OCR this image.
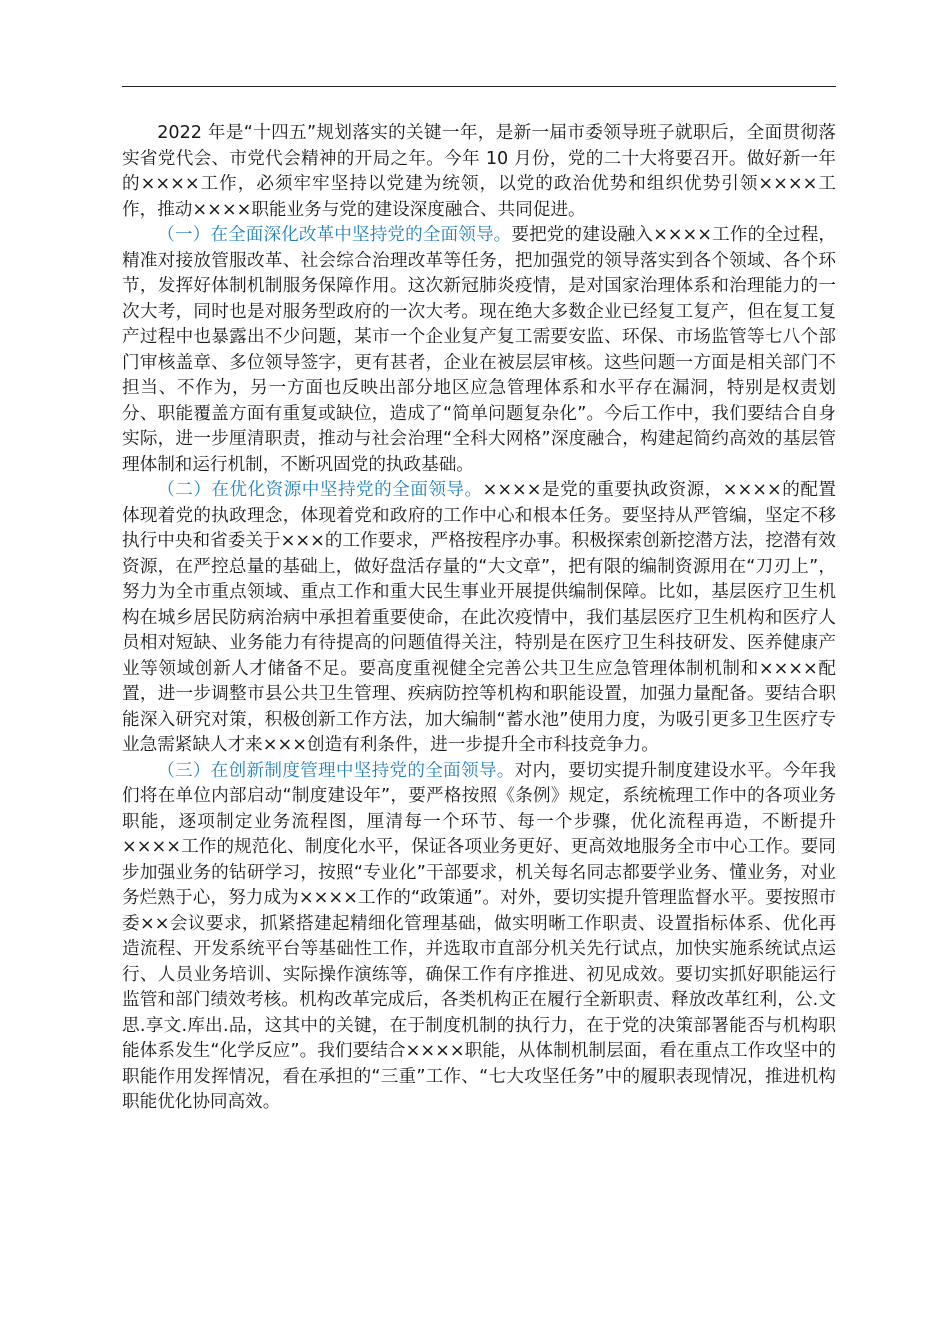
2022 年是“十四五”规划落实的关键一年，是新一届市委领导班子就职后，全面贯彻落实省党代会、市党代会精神的开局之年。今年 10 月份，党的二十大将要召开。做好新一年的××××工作，必须牢牢坚持以党建为统领，以党的政治优势和组织优势引领××××工作，推动××××职能业务与党的建设深度融合、共同促进。

（一）在全面深化改革中坚持党的全面领导。要把党的建设融入××××工作的全过程，精准对接放管服改革、社会综合治理改革等任务，把加强党的领导落实到各个领域、各个环节，发挥好体制机制服务保障作用。这次新冠肺炎疫情，是对国家治理体系和治理能力的一次大考，同时也是对服务型政府的一次大考。现在绝大多数企业已经复工复产，但在复工复产过程中也暴露出不少问题，某市一个企业复产复工需要安监、环保、市场监管等七八个部门审核盖章、多位领导签字，更有甚者，企业在被层层审核。这些问题一方面是相关部门不担当、不作为，另一方面也反映出部分地区应急管理体系和水平存在漏洞，特别是权责划分、职能覆盖方面有重复或缺位，造成了“简单问题复杂化”。今后工作中，我们要结合自身实际，进一步厘清职责，推动与社会治理“全科大网格”深度融合，构建起简约高效的基层管理体制和运行机制，不断巩固党的执政基础。

（二）在优化资源中坚持党的全面领导。××××是党的重要执政资源，××××的配置体现着党的执政理念，体现着党和政府的工作中心和根本任务。要坚持从严管编，坚定不移执行中央和省委关于×××的工作要求，严格按程序办事。积极探索创新挖潜方法，挖潜有效资源，在严控总量的基础上，做好盘活存量的“大文章”，把有限的编制资源用在“刀刃上”，努力为全市重点领域、重点工作和重大民生事业开展提供编制保障。比如，基层医疗卫生机构在城乡居民防病治病中承担着重要使命，在此次疫情中，我们基层医疗卫生机构和医疗人员相对短缺、业务能力有待提高的问题值得关注，特别是在医疗卫生科技研发、医养健康产业等领域创新人才储备不足。要高度重视健全完善公共卫生应急管理体制机制和××××配置，进一步调整市县公共卫生管理、疾病防控等机构和职能设置，加强力量配备。要结合职能深入研究对策，积极创新工作方法，加大编制“蓄水池”使用力度，为吸引更多卫生医疗专业急需紧缺人才来×××创造有利条件，进一步提升全市科技竞争力。

（三）在创新制度管理中坚持党的全面领导。对内，要切实提升制度建设水平。今年我们将在单位内部启动“制度建设年”，要严格按照《条例》规定，系统梳理工作中的各项业务职能，逐项制定业务流程图，厘清每一个环节、每一个步骤，优化流程再造，不断提升××××工作的规范化、制度化水平，保证各项业务更好、更高效地服务全市中心工作。要同步加强业务的钻研学习，按照“专业化”干部要求，机关每名同志都要学业务、懂业务，对业务烂熟于心，努力成为××××工作的“政策通”。对外，要切实提升管理监督水平。要按照市委××会议要求，抓紧搭建起精细化管理基础，做实明晰工作职责、设置指标体系、优化再造流程、开发系统平台等基础性工作，并选取市直部分机关先行试点，加快实施系统试点运行、人员业务培训、实际操作演练等，确保工作有序推进、初见成效。要切实抓好职能运行监管和部门绩效考核。机构改革完成后，各类机构正在履行全新职责、释放改革红利，公.文思.享文.库出.品，这其中的关键，在于制度机制的执行力，在于党的决策部署能否与机构职能体系发生“化学反应”。我们要结合××××职能，从体制机制层面，看在重点工作攻坚中的职能作用发挥情况，看在承担的“三重”工作、“七大攻坚任务”中的履职表现情况，推进机构职能优化协同高效。
